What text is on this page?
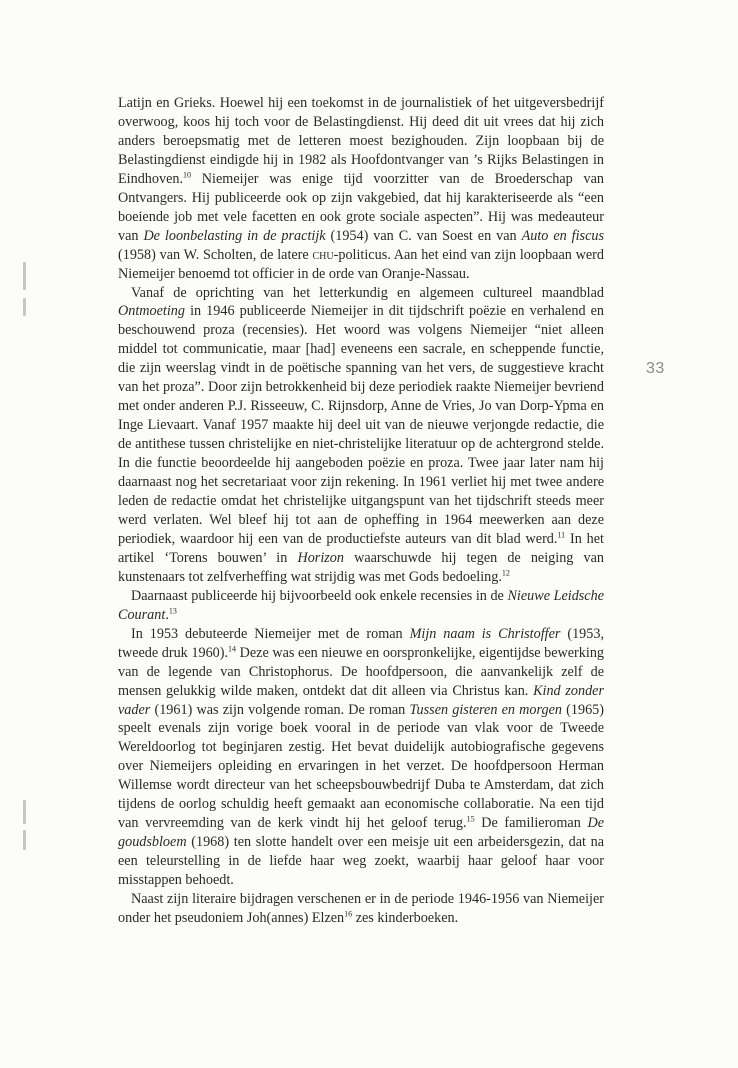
Latijn en Grieks. Hoewel hij een toekomst in de journalistiek of het uitgeversbedrijf overwoog, koos hij toch voor de Belastingdienst. Hij deed dit uit vrees dat hij zich anders beroepsmatig met de letteren moest bezighouden. Zijn loopbaan bij de Belastingdienst eindigde hij in 1982 als Hoofdontvanger van ’s Rijks Belastingen in Eindhoven.$^{10}$ Niemeijer was enige tijd voorzitter van de Broederschap van Ontvangers. Hij publiceerde ook op zijn vakgebied, dat hij karakteriseerde als “een boeiende job met vele facetten en ook grote sociale aspecten”. Hij was medeauteur van De loonbelasting in de practijk (1954) van C. van Soest en van Auto en fiscus (1958) van W. Scholten, de latere chu-politicus. Aan het eind van zijn loopbaan werd Niemeijer benoemd tot officier in de orde van Oranje-Nassau.

Vanaf de oprichting van het letterkundig en algemeen cultureel maandblad Ontmoeting in 1946 publiceerde Niemeijer in dit tijdschrift poëzie en verhalend en beschouwend proza (recensies). Het woord was volgens Niemeijer “niet alleen middel tot communicatie, maar [had] eveneens een sacrale, en scheppende functie, die zijn weerslag vindt in de poëtische spanning van het vers, de suggestieve kracht van het proza”. Door zijn betrokkenheid bij deze periodiek raakte Niemeijer bevriend met onder anderen P.J. Risseeuw, C. Rijnsdorp, Anne de Vries, Jo van Dorp-Ypma en Inge Lievaart. Vanaf 1957 maakte hij deel uit van de nieuwe verjongde redactie, die de antithese tussen christelijke en niet-christelijke literatuur op de achtergrond stelde. In die functie beoordeelde hij aangeboden poëzie en proza. Twee jaar later nam hij daarnaast nog het secretariaat voor zijn rekening. In 1961 verliet hij met twee andere leden de redactie omdat het christelijke uitgangspunt van het tijdschrift steeds meer werd verlaten. Wel bleef hij tot aan de opheffing in 1964 meewerken aan deze periodiek, waardoor hij een van de productiefste auteurs van dit blad werd.$^{11}$ In het artikel ‘Torens bouwen’ in Horizon waarschuwde hij tegen de neiging van kunstenaars tot zelfverheffing wat strijdig was met Gods bedoeling.$^{12}$

Daarnaast publiceerde hij bijvoorbeeld ook enkele recensies in de Nieuwe Leidsche Courant.$^{13}$

In 1953 debuteerde Niemeijer met de roman Mijn naam is Christoffer (1953, tweede druk 1960).$^{14}$ Deze was een nieuwe en oorspronkelijke, eigentijdse bewerking van de legende van Christophorus. De hoofdpersoon, die aanvankelijk zelf de mensen gelukkig wilde maken, ontdekt dat dit alleen via Christus kan. Kind zonder vader (1961) was zijn volgende roman. De roman Tussen gisteren en morgen (1965) speelt evenals zijn vorige boek vooral in de periode van vlak voor de Tweede Wereldoorlog tot beginjaren zestig. Het bevat duidelijk autobiografische gegevens over Niemeijers opleiding en ervaringen in het verzet. De hoofdpersoon Herman Willemse wordt directeur van het scheepsbouwbedrijf Duba te Amsterdam, dat zich tijdens de oorlog schuldig heeft gemaakt aan economische collaboratie. Na een tijd van vervreemding van de kerk vindt hij het geloof terug.$^{15}$ De familieroman De goudsbloem (1968) ten slotte handelt over een meisje uit een arbeidersgezin, dat na een teleurstelling in de liefde haar weg zoekt, waarbij haar geloof haar voor misstappen behoedt.

Naast zijn literaire bijdragen verschenen er in de periode 1946-1956 van Niemeijer onder het pseudoniem Joh(annes) Elzen$^{16}$ zes kinderboeken.

33
